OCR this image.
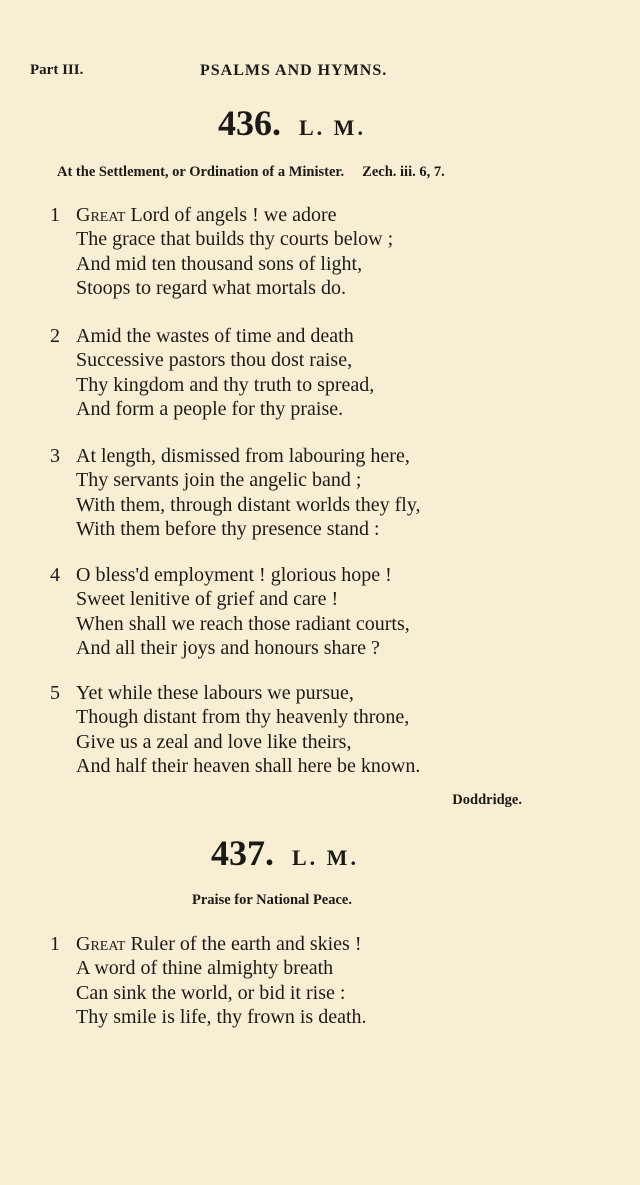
Part III.	PSALMS AND HYMNS.
436. L. M.
At the Settlement, or Ordination of a Minister. Zech. iii. 6, 7.
1 Great Lord of angels ! we adore
The grace that builds thy courts below ;
And mid ten thousand sons of light,
Stoops to regard what mortals do.
2 Amid the wastes of time and death
Successive pastors thou dost raise,
Thy kingdom and thy truth to spread,
And form a people for thy praise.
3 At length, dismissed from labouring here,
Thy servants join the angelic band ;
With them, through distant worlds they fly,
With them before thy presence stand :
4 O bless'd employment ! glorious hope !
Sweet lenitive of grief and care !
When shall we reach those radiant courts,
And all their joys and honours share ?
5 Yet while these labours we pursue,
Though distant from thy heavenly throne,
Give us a zeal and love like theirs,
And half their heaven shall here be known.
Doddridge.
437. L. M.
Praise for National Peace.
1 Great Ruler of the earth and skies !
A word of thine almighty breath
Can sink the world, or bid it rise :
Thy smile is life, thy frown is death.
